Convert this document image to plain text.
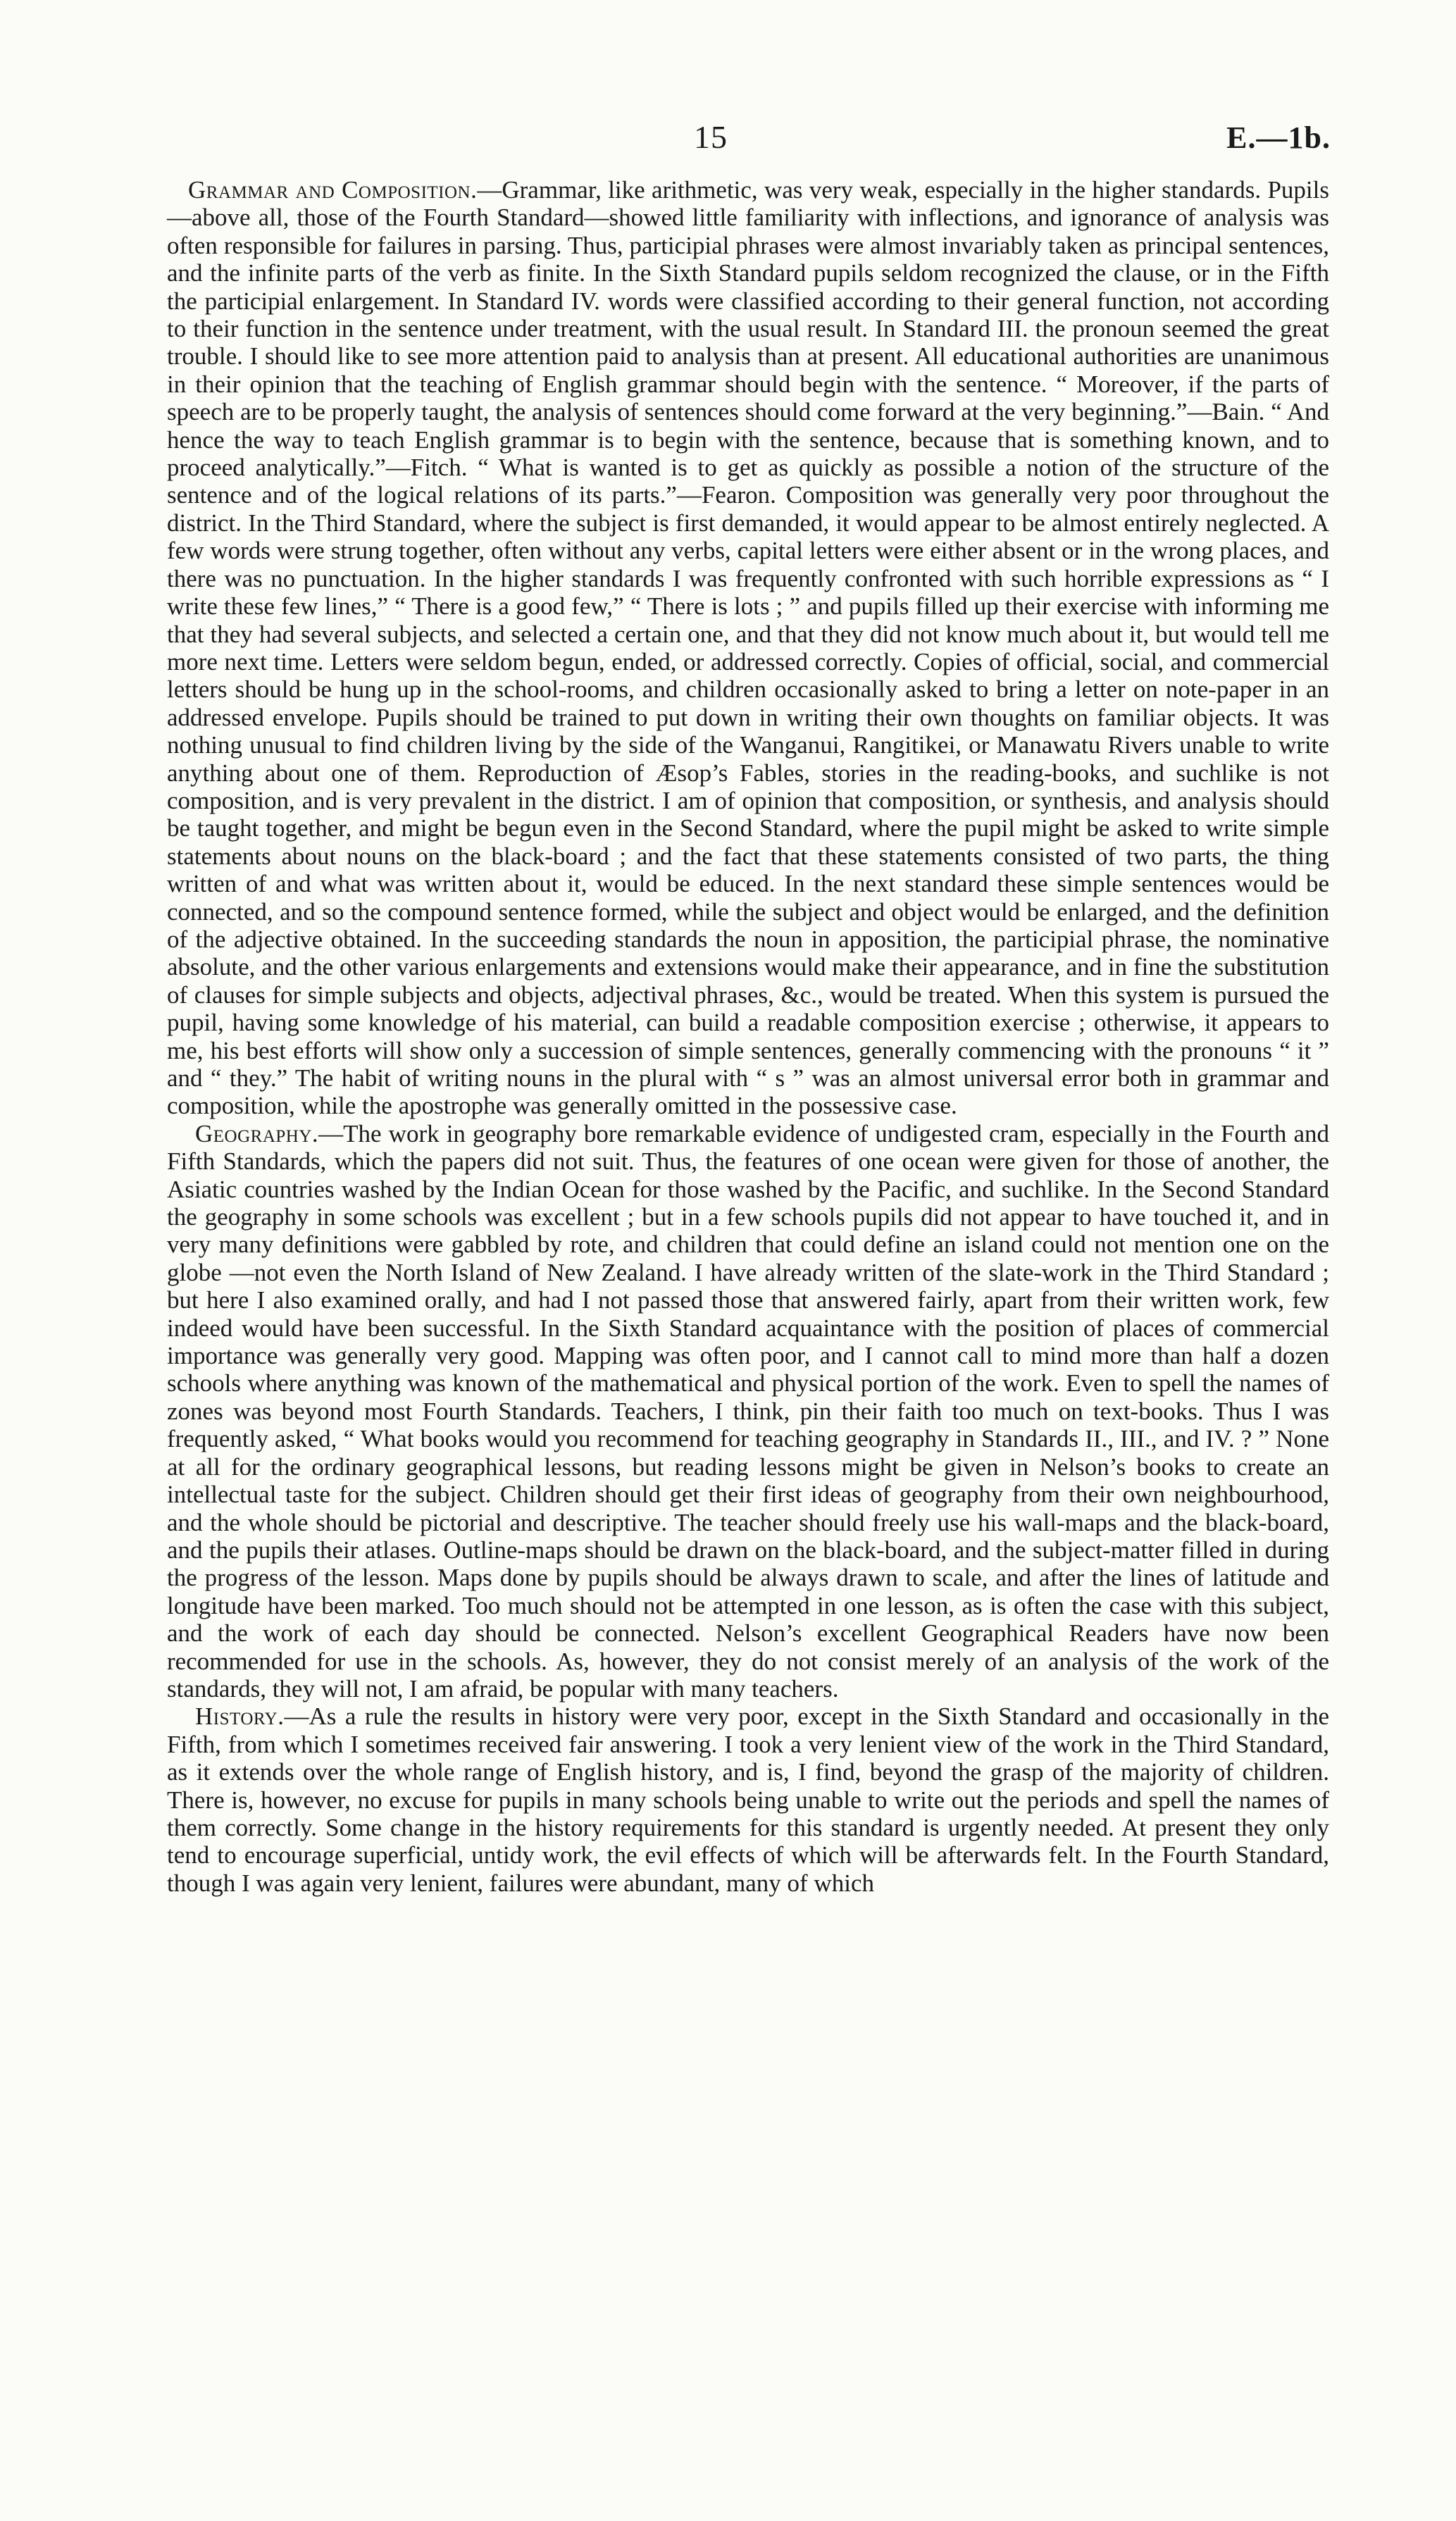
15	E.—1b.

Grammar and Composition.—Grammar, like arithmetic, was very weak, especially in the higher standards. Pupils—above all, those of the Fourth Standard—showed little familiarity with inflections, and ignorance of analysis was often responsible for failures in parsing. Thus, participial phrases were almost invariably taken as principal sentences, and the infinite parts of the verb as finite. In the Sixth Standard pupils seldom recognized the clause, or in the Fifth the participial enlargement. In Standard IV. words were classified according to their general function, not according to their function in the sentence under treatment, with the usual result. In Standard III. the pronoun seemed the great trouble. I should like to see more attention paid to analysis than at present. All educational authorities are unanimous in their opinion that the teaching of English grammar should begin with the sentence. “ Moreover, if the parts of speech are to be properly taught, the analysis of sentences should come forward at the very beginning.”—Bain. “ And hence the way to teach English grammar is to begin with the sentence, because that is something known, and to proceed analytically.”—Fitch. “ What is wanted is to get as quickly as possible a notion of the structure of the sentence and of the logical relations of its parts.”—Fearon. Composition was generally very poor throughout the district. In the Third Standard, where the subject is first demanded, it would appear to be almost entirely neglected. A few words were strung together, often without any verbs, capital letters were either absent or in the wrong places, and there was no punctuation. In the higher standards I was frequently confronted with such horrible expressions as “ I write these few lines,” “ There is a good few,” “ There is lots ; ” and pupils filled up their exercise with informing me that they had several subjects, and selected a certain one, and that they did not know much about it, but would tell me more next time. Letters were seldom begun, ended, or addressed correctly. Copies of official, social, and commercial letters should be hung up in the school-rooms, and children occasionally asked to bring a letter on note-paper in an addressed envelope. Pupils should be trained to put down in writing their own thoughts on familiar objects. It was nothing unusual to find children living by the side of the Wanganui, Rangitikei, or Manawatu Rivers unable to write anything about one of them. Reproduction of Æsop’s Fables, stories in the reading-books, and suchlike is not composition, and is very prevalent in the district. I am of opinion that composition, or synthesis, and analysis should be taught together, and might be begun even in the Second Standard, where the pupil might be asked to write simple statements about nouns on the black-board ; and the fact that these statements consisted of two parts, the thing written of and what was written about it, would be educed. In the next standard these simple sentences would be connected, and so the compound sentence formed, while the subject and object would be enlarged, and the definition of the adjective obtained. In the succeeding standards the noun in apposition, the participial phrase, the nominative absolute, and the other various enlargements and extensions would make their appearance, and in fine the substitution of clauses for simple subjects and objects, adjectival phrases, &c., would be treated. When this system is pursued the pupil, having some knowledge of his material, can build a readable composition exercise ; otherwise, it appears to me, his best efforts will show only a succession of simple sentences, generally commencing with the pronouns “ it ” and “ they.” The habit of writing nouns in the plural with “ s ” was an almost universal error both in grammar and composition, while the apostrophe was generally omitted in the possessive case.

Geography.—The work in geography bore remarkable evidence of undigested cram, especially in the Fourth and Fifth Standards, which the papers did not suit. Thus, the features of one ocean were given for those of another, the Asiatic countries washed by the Indian Ocean for those washed by the Pacific, and suchlike. In the Second Standard the geography in some schools was excellent ; but in a few schools pupils did not appear to have touched it, and in very many definitions were gabbled by rote, and children that could define an island could not mention one on the globe —not even the North Island of New Zealand. I have already written of the slate-work in the Third Standard ; but here I also examined orally, and had I not passed those that answered fairly, apart from their written work, few indeed would have been successful. In the Sixth Standard acquaintance with the position of places of commercial importance was generally very good. Mapping was often poor, and I cannot call to mind more than half a dozen schools where anything was known of the mathematical and physical portion of the work. Even to spell the names of zones was beyond most Fourth Standards. Teachers, I think, pin their faith too much on text-books. Thus I was frequently asked, “ What books would you recommend for teaching geography in Standards II., III., and IV. ? ” None at all for the ordinary geographical lessons, but reading lessons might be given in Nelson’s books to create an intellectual taste for the subject. Children should get their first ideas of geography from their own neighbourhood, and the whole should be pictorial and descriptive. The teacher should freely use his wall-maps and the black-board, and the pupils their atlases. Outline-maps should be drawn on the black-board, and the subject-matter filled in during the progress of the lesson. Maps done by pupils should be always drawn to scale, and after the lines of latitude and longitude have been marked. Too much should not be attempted in one lesson, as is often the case with this subject, and the work of each day should be connected. Nelson’s excellent Geographical Readers have now been recommended for use in the schools. As, however, they do not consist merely of an analysis of the work of the standards, they will not, I am afraid, be popular with many teachers.

History.—As a rule the results in history were very poor, except in the Sixth Standard and occasionally in the Fifth, from which I sometimes received fair answering. I took a very lenient view of the work in the Third Standard, as it extends over the whole range of English history, and is, I find, beyond the grasp of the majority of children. There is, however, no excuse for pupils in many schools being unable to write out the periods and spell the names of them correctly. Some change in the history requirements for this standard is urgently needed. At present they only tend to encourage superficial, untidy work, the evil effects of which will be afterwards felt. In the Fourth Standard, though I was again very lenient, failures were abundant, many of which
